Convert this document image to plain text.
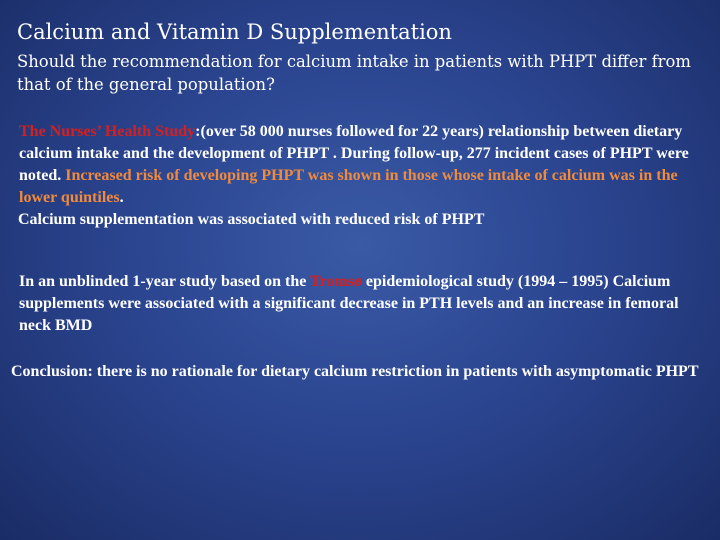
Calcium and Vitamin D Supplementation
Should the recommendation for calcium intake in patients with PHPT differ from that of the general population?

The Nurses’ Health Study:(over 58 000 nurses followed for 22 years) relationship between dietary calcium intake and the development of PHPT . During follow-up, 277 incident cases of PHPT were noted. Increased risk of developing PHPT was shown in those whose intake of calcium was in the lower quintiles.

Calcium supplementation was associated with reduced risk of PHPT

In an unblinded 1-year study based on the Tromsø epidemiological study (1994 – 1995) Calcium supplements were associated with a significant decrease in PTH levels and an increase in femoral neck BMD

Conclusion: there is no rationale for dietary calcium restriction in patients with asymptomatic PHPT
